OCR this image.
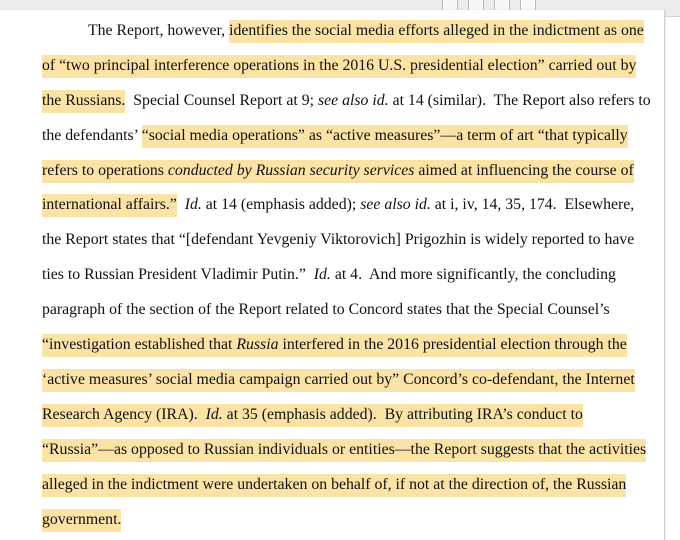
The Report, however, identifies the social media efforts alleged in the indictment as one
of “two principal interference operations in the 2016 U.S. presidential election” carried out by
the Russians.  Special Counsel Report at 9; see also id. at 14 (similar).  The Report also refers to
the defendants’ “social media operations” as “active measures”—a term of art “that typically
refers to operations conducted by Russian security services aimed at influencing the course of
international affairs.” Id. at 14 (emphasis added); see also id. at i, iv, 14, 35, 174.  Elsewhere,
the Report states that “[defendant Yevgeniy Viktorovich] Prigozhin is widely reported to have
ties to Russian President Vladimir Putin.”  Id. at 4.  And more significantly, the concluding
paragraph of the section of the Report related to Concord states that the Special Counsel’s
“investigation established that Russia interfered in the 2016 presidential election through the
‘active measures’ social media campaign carried out by” Concord’s co-defendant, the Internet
Research Agency (IRA).  Id. at 35 (emphasis added).  By attributing IRA’s conduct to
“Russia”—as opposed to Russian individuals or entities—the Report suggests that the activities
alleged in the indictment were undertaken on behalf of, if not at the direction of, the Russian
government.
